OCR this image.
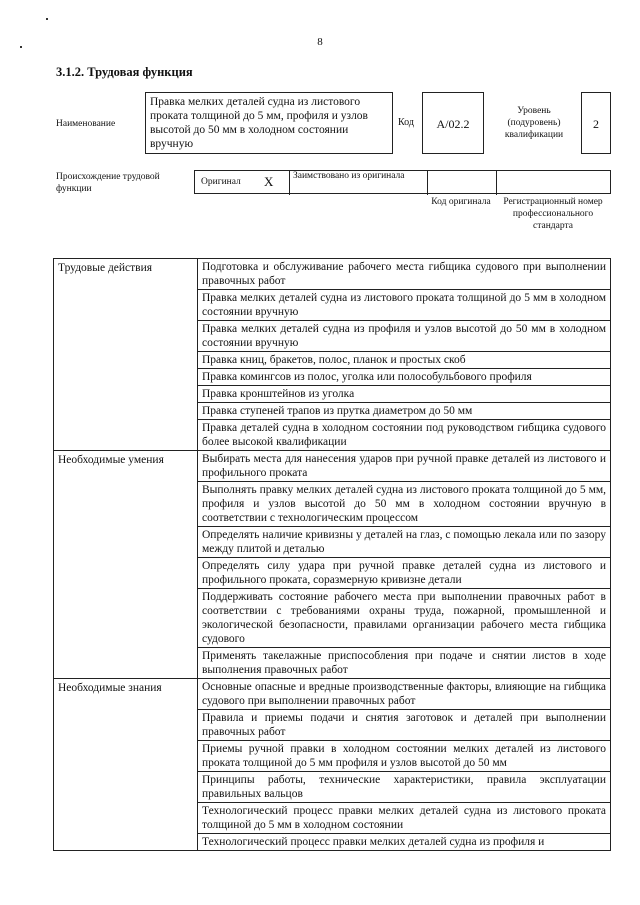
8
3.1.2. Трудовая функция
Наименование
Правка мелких деталей судна из листового проката толщиной до 5 мм, профиля и узлов высотой до 50 мм в холодном состоянии вручную
Код	A/02.2
Уровень (подуровень) квалификации
2
Происхождение трудовой функции
Оригинал X Заимствовано из оригинала
Код оригинала	Регистрационный номер профессионального стандарта
Трудовые действия	Подготовка и обслуживание рабочего места гибщика судового при выполнении правочных работ
	Правка мелких деталей судна из листового проката толщиной до 5 мм в холодном состоянии вручную
	Правка мелких деталей судна из профиля и узлов высотой до 50 мм в холодном состоянии вручную
	Правка книц, бракетов, полос, планок и простых скоб
	Правка комингсов из полос, уголка или полособульбового профиля
	Правка кронштейнов из уголка
	Правка ступеней трапов из прутка диаметром до 50 мм
	Правка деталей судна в холодном состоянии под руководством гибщика судового более высокой квалификации
Необходимые умения	Выбирать места для нанесения ударов при ручной правке деталей из листового и профильного проката
	Выполнять правку мелких деталей судна из листового проката толщиной до 5 мм, профиля и узлов высотой до 50 мм в холодном состоянии вручную в соответствии с технологическим процессом
	Определять наличие кривизны у деталей на глаз, с помощью лекала или по зазору между плитой и деталью
	Определять силу удара при ручной правке деталей судна из листового и профильного проката, соразмерную кривизне детали
	Поддерживать состояние рабочего места при выполнении правочных работ в соответствии с требованиями охраны труда, пожарной, промышленной и экологической безопасности, правилами организации рабочего места гибщика судового
	Применять такелажные приспособления при подаче и снятии листов в ходе выполнения правочных работ
Необходимые знания	Основные опасные и вредные производственные факторы, влияющие на гибщика судового при выполнении правочных работ
	Правила и приемы подачи и снятия заготовок и деталей при выполнении правочных работ
	Приемы ручной правки в холодном состоянии мелких деталей из листового проката толщиной до 5 мм профиля и узлов высотой до 50 мм
	Принципы работы, технические характеристики, правила эксплуатации правильных вальцов
	Технологический процесс правки мелких деталей судна из листового проката толщиной до 5 мм в холодном состоянии
	Технологический процесс правки мелких деталей судна из профиля и
